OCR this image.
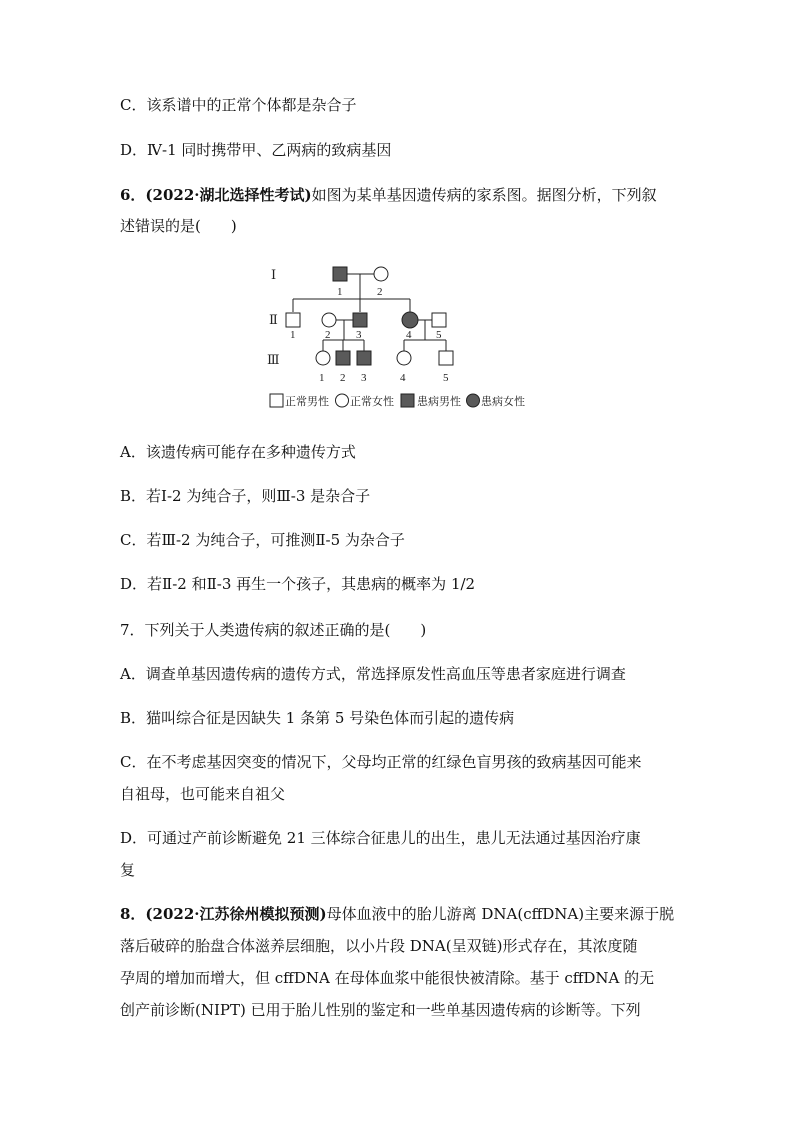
C．该系谱中的正常个体都是杂合子

D．Ⅳ-1 同时携带甲、乙两病的致病基因

6．(2022·湖北选择性考试)如图为某单基因遗传病的家系图。据图分析，下列叙

述错误的是(　　)

Ⅰ
Ⅱ
Ⅲ
1	2
1	2 3	4 5
1 2 3	4	5
正常男性 正常女性 患病男性 患病女性

A．该遗传病可能存在多种遗传方式

B．若Ⅰ-2 为纯合子，则Ⅲ-3 是杂合子

C．若Ⅲ-2 为纯合子，可推测Ⅱ-5 为杂合子

D．若Ⅱ-2 和Ⅱ-3 再生一个孩子，其患病的概率为 1/2

7．下列关于人类遗传病的叙述正确的是(　　)

A．调查单基因遗传病的遗传方式，常选择原发性高血压等患者家庭进行调查

B．猫叫综合征是因缺失 1 条第 5 号染色体而引起的遗传病

C．在不考虑基因突变的情况下，父母均正常的红绿色盲男孩的致病基因可能来

自祖母，也可能来自祖父

D．可通过产前诊断避免 21 三体综合征患儿的出生，患儿无法通过基因治疗康

复

8．(2022·江苏徐州模拟预测)母体血液中的胎儿游离 DNA(cffDNA)主要来源于脱

落后破碎的胎盘合体滋养层细胞，以小片段 DNA(呈双链)形式存在，其浓度随

孕周的增加而增大，但 cffDNA 在母体血浆中能很快被清除。基于 cffDNA 的无

创产前诊断(NIPT) 已用于胎儿性别的鉴定和一些单基因遗传病的诊断等。下列
